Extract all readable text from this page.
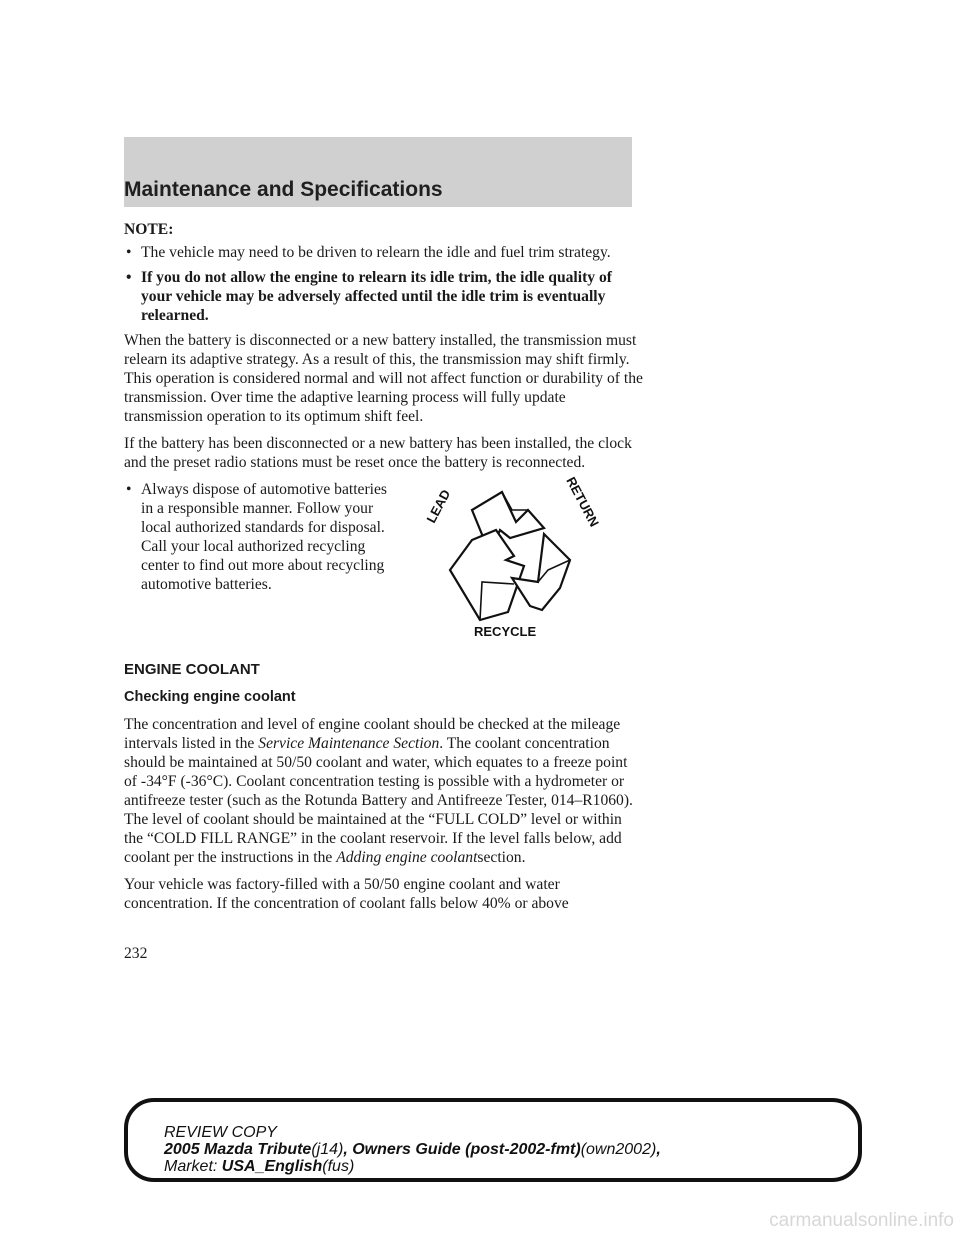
Maintenance and Specifications

NOTE:

• The vehicle may need to be driven to relearn the idle and fuel trim strategy.
• If you do not allow the engine to relearn its idle trim, the idle quality of your vehicle may be adversely affected until the idle trim is eventually relearned.

When the battery is disconnected or a new battery installed, the transmission must relearn its adaptive strategy. As a result of this, the transmission may shift firmly. This operation is considered normal and will not affect function or durability of the transmission. Over time the adaptive learning process will fully update transmission operation to its optimum shift feel.

If the battery has been disconnected or a new battery has been installed, the clock and the preset radio stations must be reset once the battery is reconnected.

• Always dispose of automotive batteries in a responsible manner. Follow your local authorized standards for disposal. Call your local authorized recycling center to find out more about recycling automotive batteries.
LEAD	RETURN
RECYCLE

ENGINE COOLANT

Checking engine coolant

The concentration and level of engine coolant should be checked at the mileage intervals listed in the Service Maintenance Section. The coolant concentration should be maintained at 50/50 coolant and water, which equates to a freeze point of -34°F (-36°C). Coolant concentration testing is possible with a hydrometer or antifreeze tester (such as the Rotunda Battery and Antifreeze Tester, 014–R1060). The level of coolant should be maintained at the “FULL COLD” level or within the “COLD FILL RANGE” in the coolant reservoir. If the level falls below, add coolant per the instructions in the Adding engine coolantsection.

Your vehicle was factory-filled with a 50/50 engine coolant and water concentration. If the concentration of coolant falls below 40% or above

232
REVIEW COPY
2005 Mazda Tribute(j14), Owners Guide (post-2002-fmt)(own2002),
Market: USA_English(fus)
carmanualsonline.info
